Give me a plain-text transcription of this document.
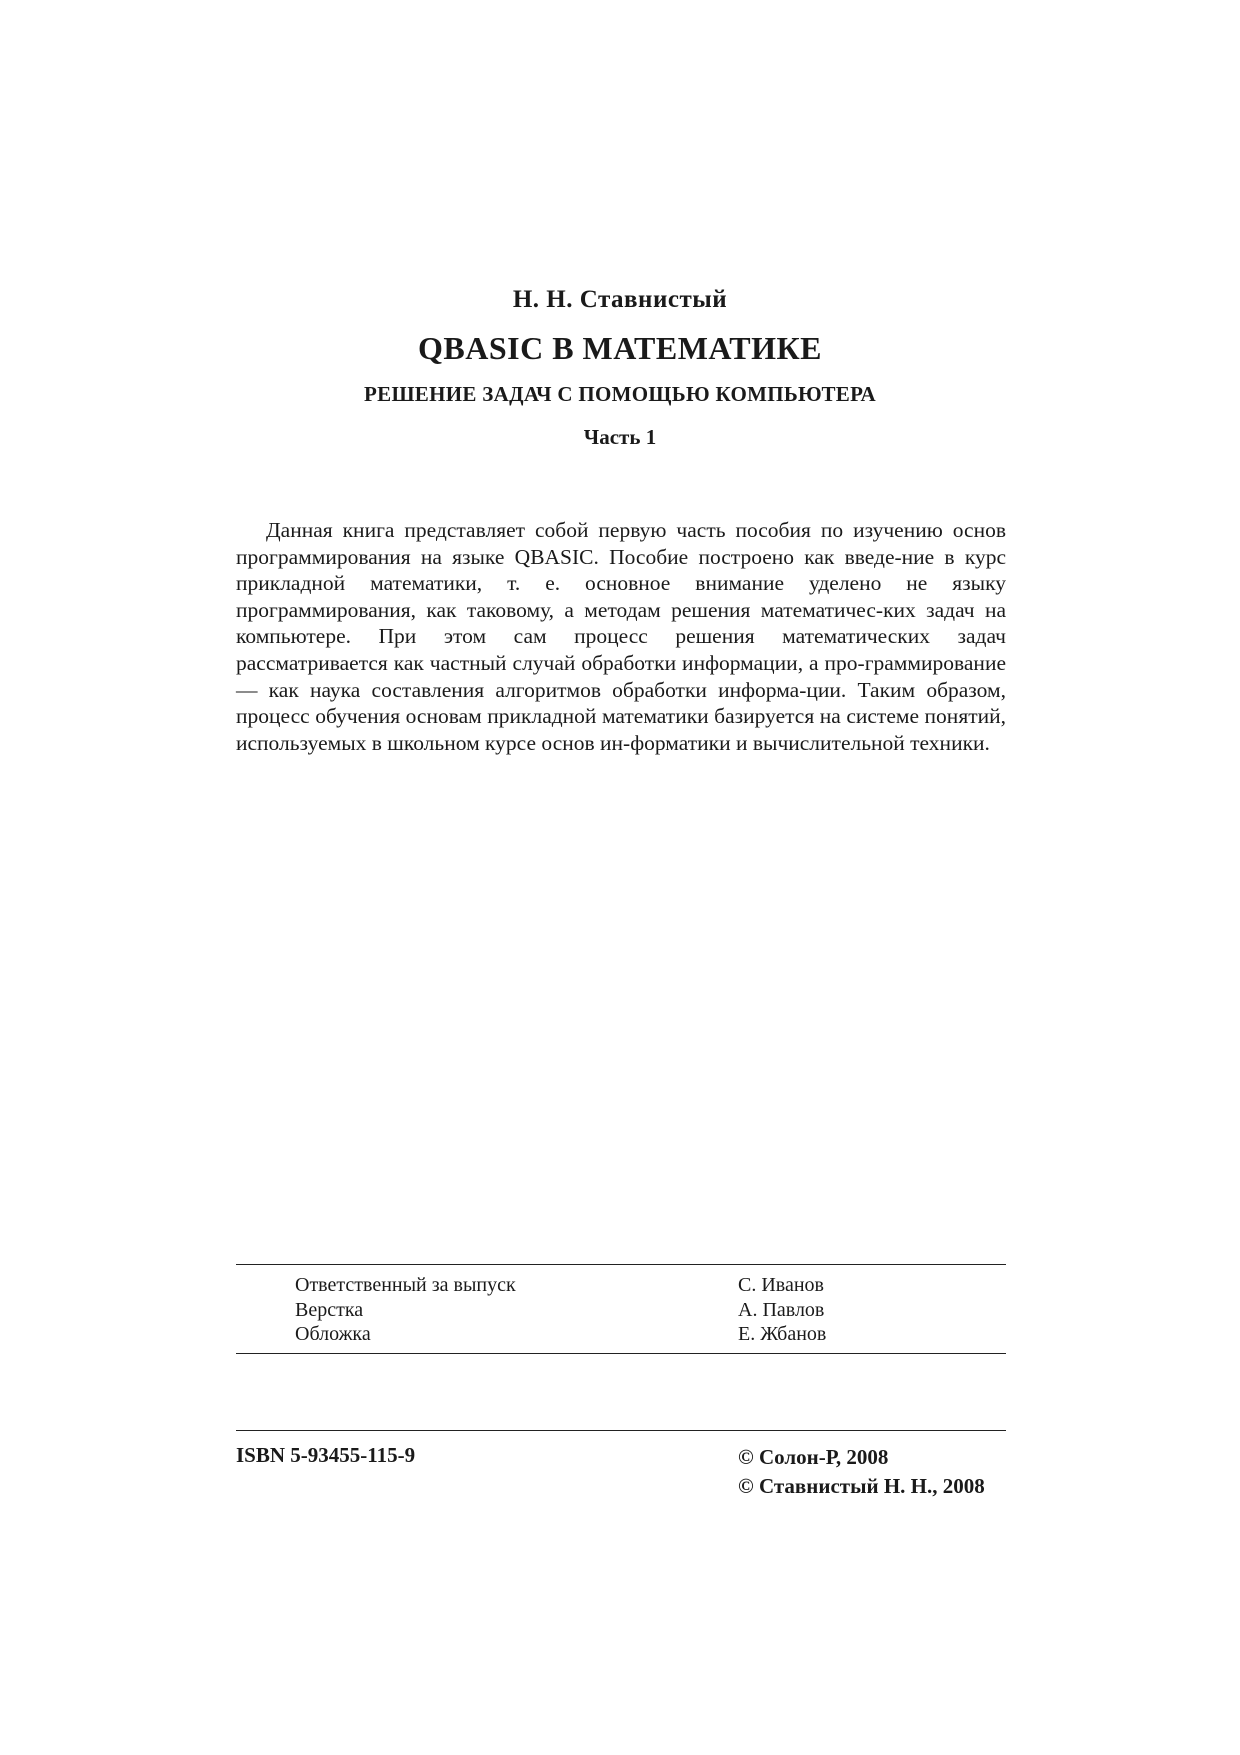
Н. Н. Ставнистый
QBASIC В МАТЕМАТИКЕ
РЕШЕНИЕ ЗАДАЧ С ПОМОЩЬЮ КОМПЬЮТЕРА
Часть 1

Данная книга представляет собой первую часть пособия по изучению основ программирования на языке QBASIC. Пособие построено как введе-ние в курс прикладной математики, т. е. основное внимание уделено не языку программирования, как таковому, а методам решения математичес-ких задач на компьютере. При этом сам процесс решения математических задач рассматривается как частный случай обработки информации, а про-граммирование — как наука составления алгоритмов обработки информа-ции. Таким образом, процесс обучения основам прикладной математики базируется на системе понятий, используемых в школьном курсе основ ин-форматики и вычислительной техники.

Ответственный за выпуск	С. Иванов
Верстка	А. Павлов
Обложка	Е. Жбанов
ISBN 5-93455-115-9	© Солон-Р, 2008
© Ставнистый Н. Н., 2008
